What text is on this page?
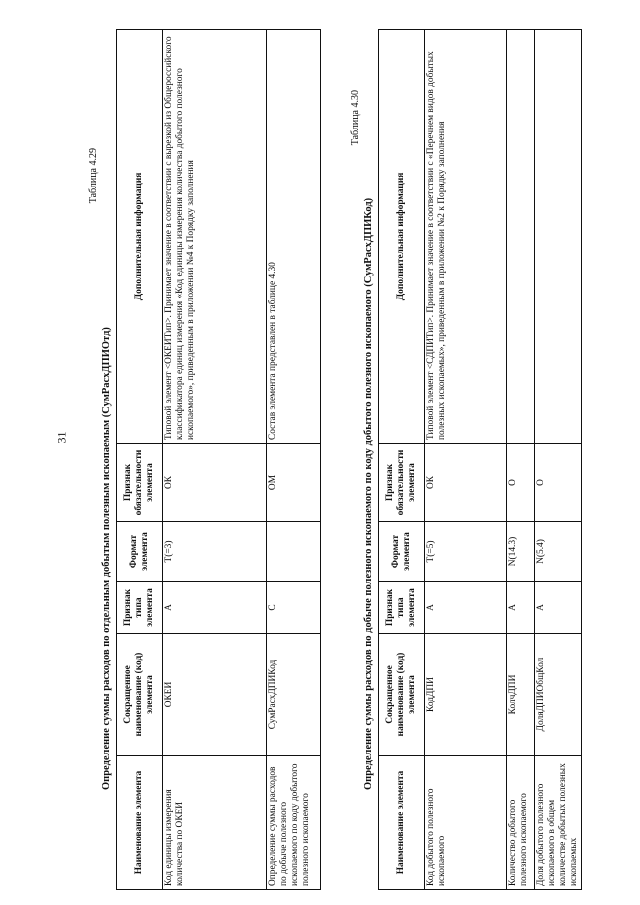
31
Таблица 4.29
Определение суммы расходов по отдельным добытым полезным ископаемым (СумРасхДПИОтд)
Наименование элемента	Сокращенное наименование (код) элемента	Признак типа элемента	Формат элемента	Признак обязательности элемента	Дополнительная информация
Код единицы измерения количества по ОКЕИ	ОКЕИ	А	T(=3)	ОК	Типовой элемент <ОКЕИТип>. Принимает значение в соответствии с вырезкой из Общероссийского классификатора единиц измерения «Код единицы измерения количества добытого полезного ископаемого», приведенным в приложении №4 к Порядку заполнения
Определение суммы расходов по добыче полезного ископаемого по коду добытого полезного ископаемого	СумРасхДПИКод	С		ОМ	Состав элемента представлен в таблице 4.30
Таблица 4.30
Определение суммы расходов по добыче полезного ископаемого по коду добытого полезного ископаемого (СумРасхДПИКод)
Наименование элемента	Сокращенное наименование (код) элемента	Признак типа элемента	Формат элемента	Признак обязательности элемента	Дополнительная информация
Код добытого полезного ископаемого	КодДПИ	А	T(=5)	ОК	Типовой элемент <СДПИТип>. Принимает значение в соответствии с «Перечнем видов добытых полезных ископаемых», приведенным в приложении №2 к Порядку заполнения
Количество добытого полезного ископаемого	КолчДПИ	А	N(14.3)	О	
Доля добытого полезного ископаемого в общем количестве добытых полезных ископаемых	ДоляДПИОбщКол	А	N(5.4)	О	
